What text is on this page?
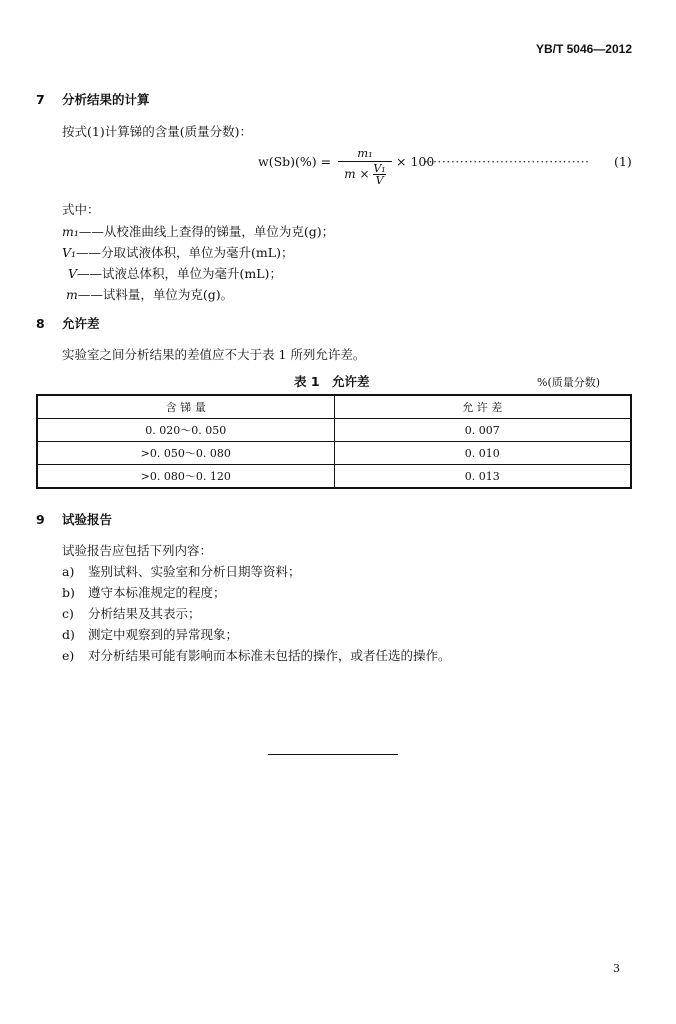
YB/T 5046—2012
7 分析结果的计算
按式(1)计算锑的含量(质量分数)：
w(Sb)(%) =
m₁
$m \times \frac{\text{V₁}}{V}$
× 100
····································· (1)
式中：
m₁——从校准曲线上查得的锑量，单位为克(g)；
V₁——分取试液体积，单位为毫升(mL)；
V——试液总体积，单位为毫升(mL)；
m——试料量，单位为克(g)。
8 允许差
实验室之间分析结果的差值应不大于表 1 所列允许差。
表 1　允许差	%(质量分数)
含 锑 量	允 许 差
0. 020～0. 050	0. 007
>0. 050～0. 080	0. 010
>0. 080～0. 120	0. 013
9 试验报告
试验报告应包括下列内容：
a) 鉴别试料、实验室和分析日期等资料；
b) 遵守本标准规定的程度；
c) 分析结果及其表示；
d) 测定中观察到的异常现象；
e) 对分析结果可能有影响而本标准未包括的操作，或者任选的操作。
3
